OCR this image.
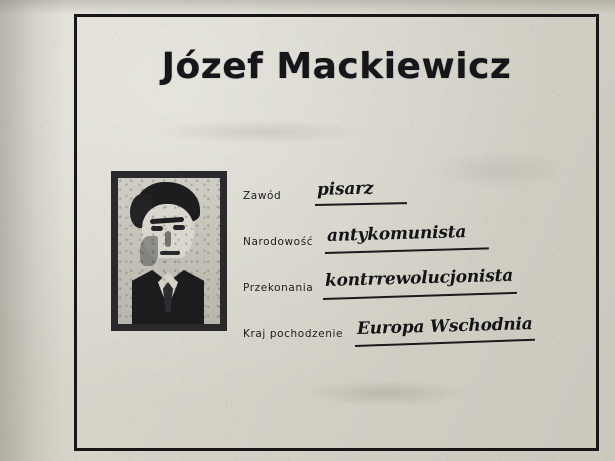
Józef Mackiewicz
Zawód pisarz
Narodowość antykomunista
Przekonania kontrrewolucjonista
Kraj pochodzenie Europa Wschodnia
